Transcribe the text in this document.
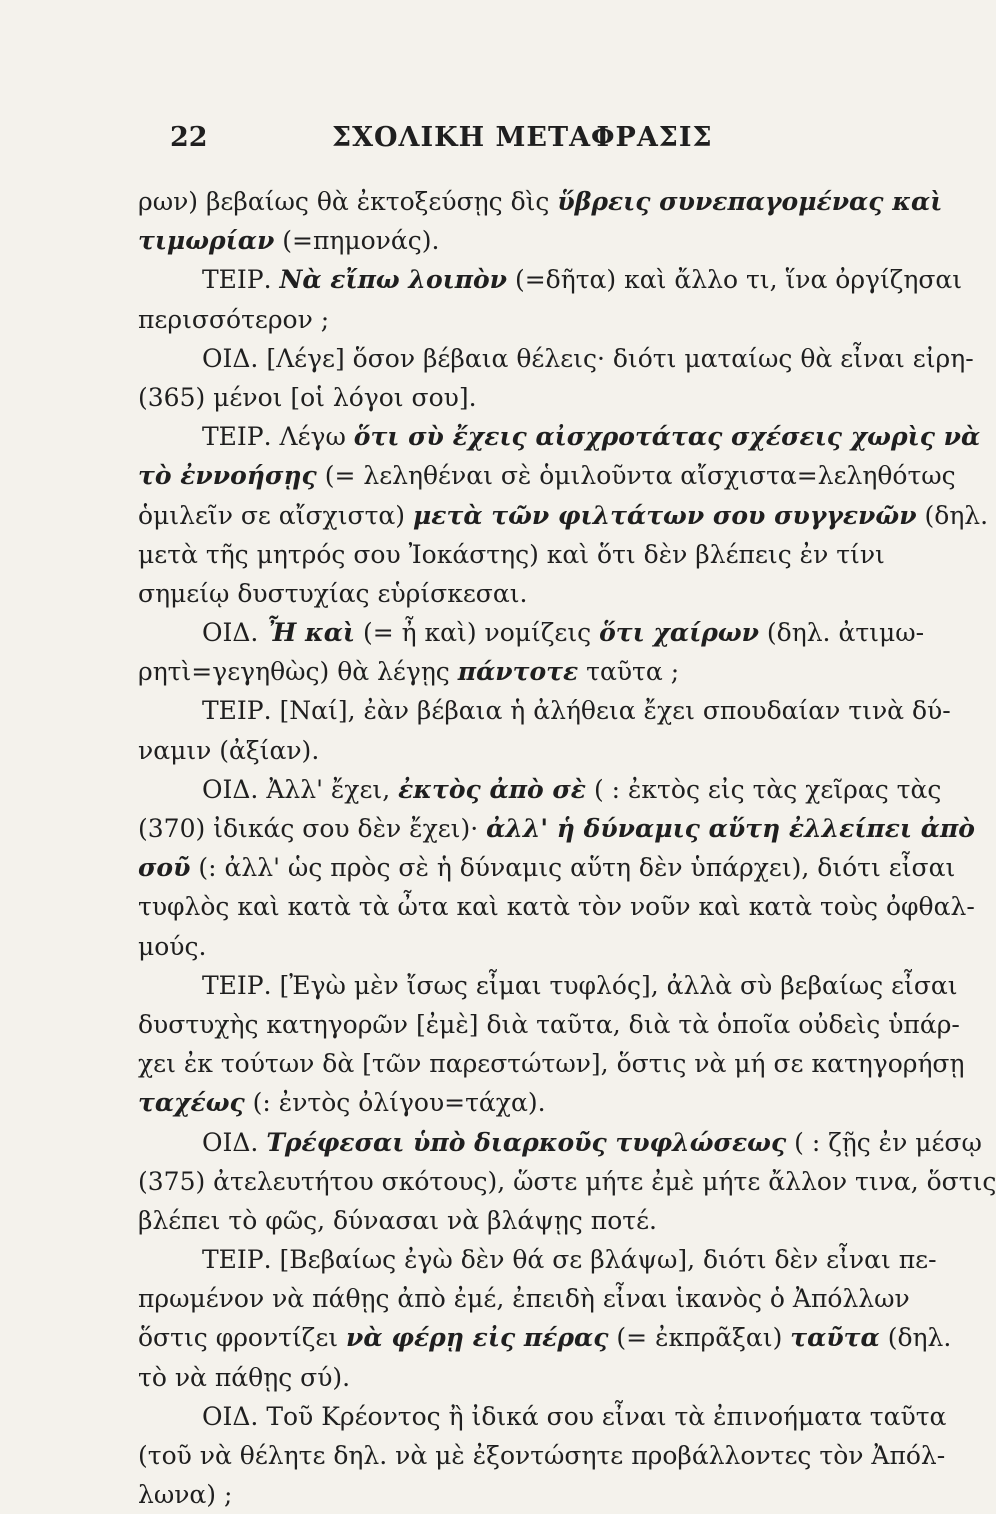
22	ΣΧΟΛΙΚΗ ΜΕΤΑΦΡΑΣΙΣ
ρων) βεβαίως θὰ ἐκτοξεύσῃς δὶς ὕβρεις συνεπαγομένας καὶ
τιμωρίαν (=πημονάς).
ΤΕΙΡ. Νὰ εἴπω λοιπὸν (=δῆτα) καὶ ἄλλο τι, ἵνα ὀργίζησαι
περισσότερον ;
ΟΙΔ. [Λέγε] ὅσον βέβαια θέλεις· διότι ματαίως θὰ εἶναι εἰρη-
(365) μένοι [οἱ λόγοι σου].
ΤΕΙΡ. Λέγω ὅτι σὺ ἔχεις αἰσχροτάτας σχέσεις χωρὶς νὰ
τὸ ἐννοήσῃς (= λεληθέναι σὲ ὁμιλοῦντα αἴσχιστα=λεληθότως
ὁμιλεῖν σε αἴσχιστα) μετὰ τῶν φιλτάτων σου συγγενῶν (δηλ.
μετὰ τῆς μητρός σου Ἰοκάστης) καὶ ὅτι δὲν βλέπεις ἐν τίνι
σημείῳ δυστυχίας εὑρίσκεσαι.
ΟΙΔ. Ἦ καὶ (= ἦ καὶ) νομίζεις ὅτι χαίρων (δηλ. ἀτιμω-
ρητὶ=γεγηθὼς) θὰ λέγῃς πάντοτε ταῦτα ;
ΤΕΙΡ. [Ναί], ἐὰν βέβαια ἡ ἀλήθεια ἔχει σπουδαίαν τινὰ δύ-
ναμιν (ἀξίαν).
ΟΙΔ. Ἀλλ' ἔχει, ἐκτὸς ἀπὸ σὲ ( : ἐκτὸς εἰς τὰς χεῖρας τὰς
(370) ἰδικάς σου δὲν ἔχει)· ἀλλ' ἡ δύναμις αὕτη ἐλλείπει ἀπὸ
σοῦ (: ἀλλ' ὡς πρὸς σὲ ἡ δύναμις αὕτη δὲν ὑπάρχει), διότι εἶσαι
τυφλὸς καὶ κατὰ τὰ ὦτα καὶ κατὰ τὸν νοῦν καὶ κατὰ τοὺς ὀφθαλ-
μούς.
ΤΕΙΡ. [Ἐγὼ μὲν ἴσως εἶμαι τυφλός], ἀλλὰ σὺ βεβαίως εἶσαι
δυστυχὴς κατηγορῶν [ἐμὲ] διὰ ταῦτα, διὰ τὰ ὁποῖα οὐδεὶς ὑπάρ-
χει ἐκ τούτων δὰ [τῶν παρεστώτων], ὅστις νὰ μή σε κατηγορήσῃ
ταχέως (: ἐντὸς ὀλίγου=τάχα).
ΟΙΔ. Τρέφεσαι ὑπὸ διαρκοῦς τυφλώσεως ( : ζῇς ἐν μέσῳ
(375) ἀτελευτήτου σκότους), ὥστε μήτε ἐμὲ μήτε ἄλλον τινα, ὅστις
βλέπει τὸ φῶς, δύνασαι νὰ βλάψῃς ποτέ.
ΤΕΙΡ. [Βεβαίως ἐγὼ δὲν θά σε βλάψω], διότι δὲν εἶναι πε-
πρωμένον νὰ πάθῃς ἀπὸ ἐμέ, ἐπειδὴ εἶναι ἱκανὸς ὁ Ἀπόλλων
ὅστις φροντίζει νὰ φέρῃ εἰς πέρας (= ἐκπρᾶξαι) ταῦτα (δηλ.
τὸ νὰ πάθῃς σύ).
ΟΙΔ. Τοῦ Κρέοντος ἢ ἰδικά σου εἶναι τὰ ἐπινοήματα ταῦτα
(τοῦ νὰ θέλητε δηλ. νὰ μὲ ἐξοντώσητε προβάλλοντες τὸν Ἀπόλ-
λωνα) ;
